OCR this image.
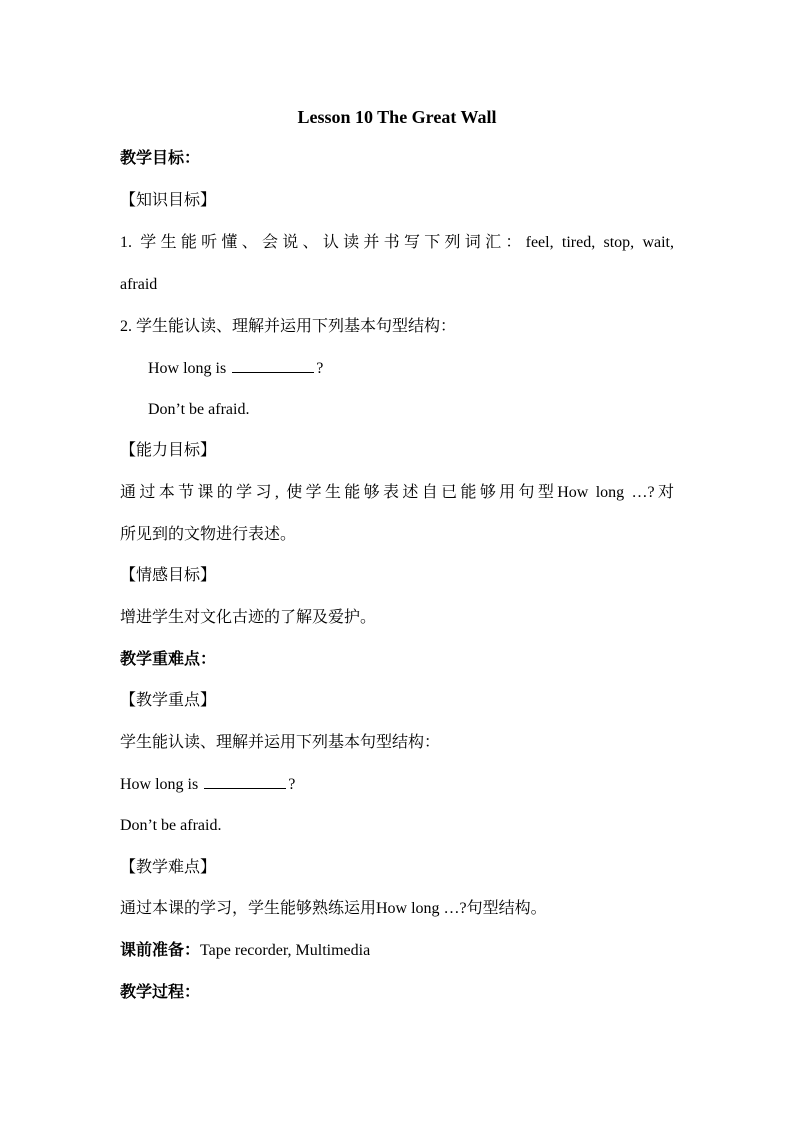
Lesson 10 The Great Wall
教学目标：
【知识目标】
1. 学生能听懂、会说、认读并书写下列词汇：feel, tired, stop, wait,
afraid
2. 学生能认读、理解并运用下列基本句型结构：
How long is	?
Don’t be afraid.
【能力目标】
通过本节课的学习, 使学生能够表述自已能够用句型How long …?对
所见到的文物进行表述。
【情感目标】
增进学生对文化古迹的了解及爱护。
教学重难点：
【教学重点】
学生能认读、理解并运用下列基本句型结构：
How long is	?
Don’t be afraid.
【教学难点】
通过本课的学习，学生能够熟练运用How long …?句型结构。
课前准备：Tape recorder, Multimedia
教学过程：
